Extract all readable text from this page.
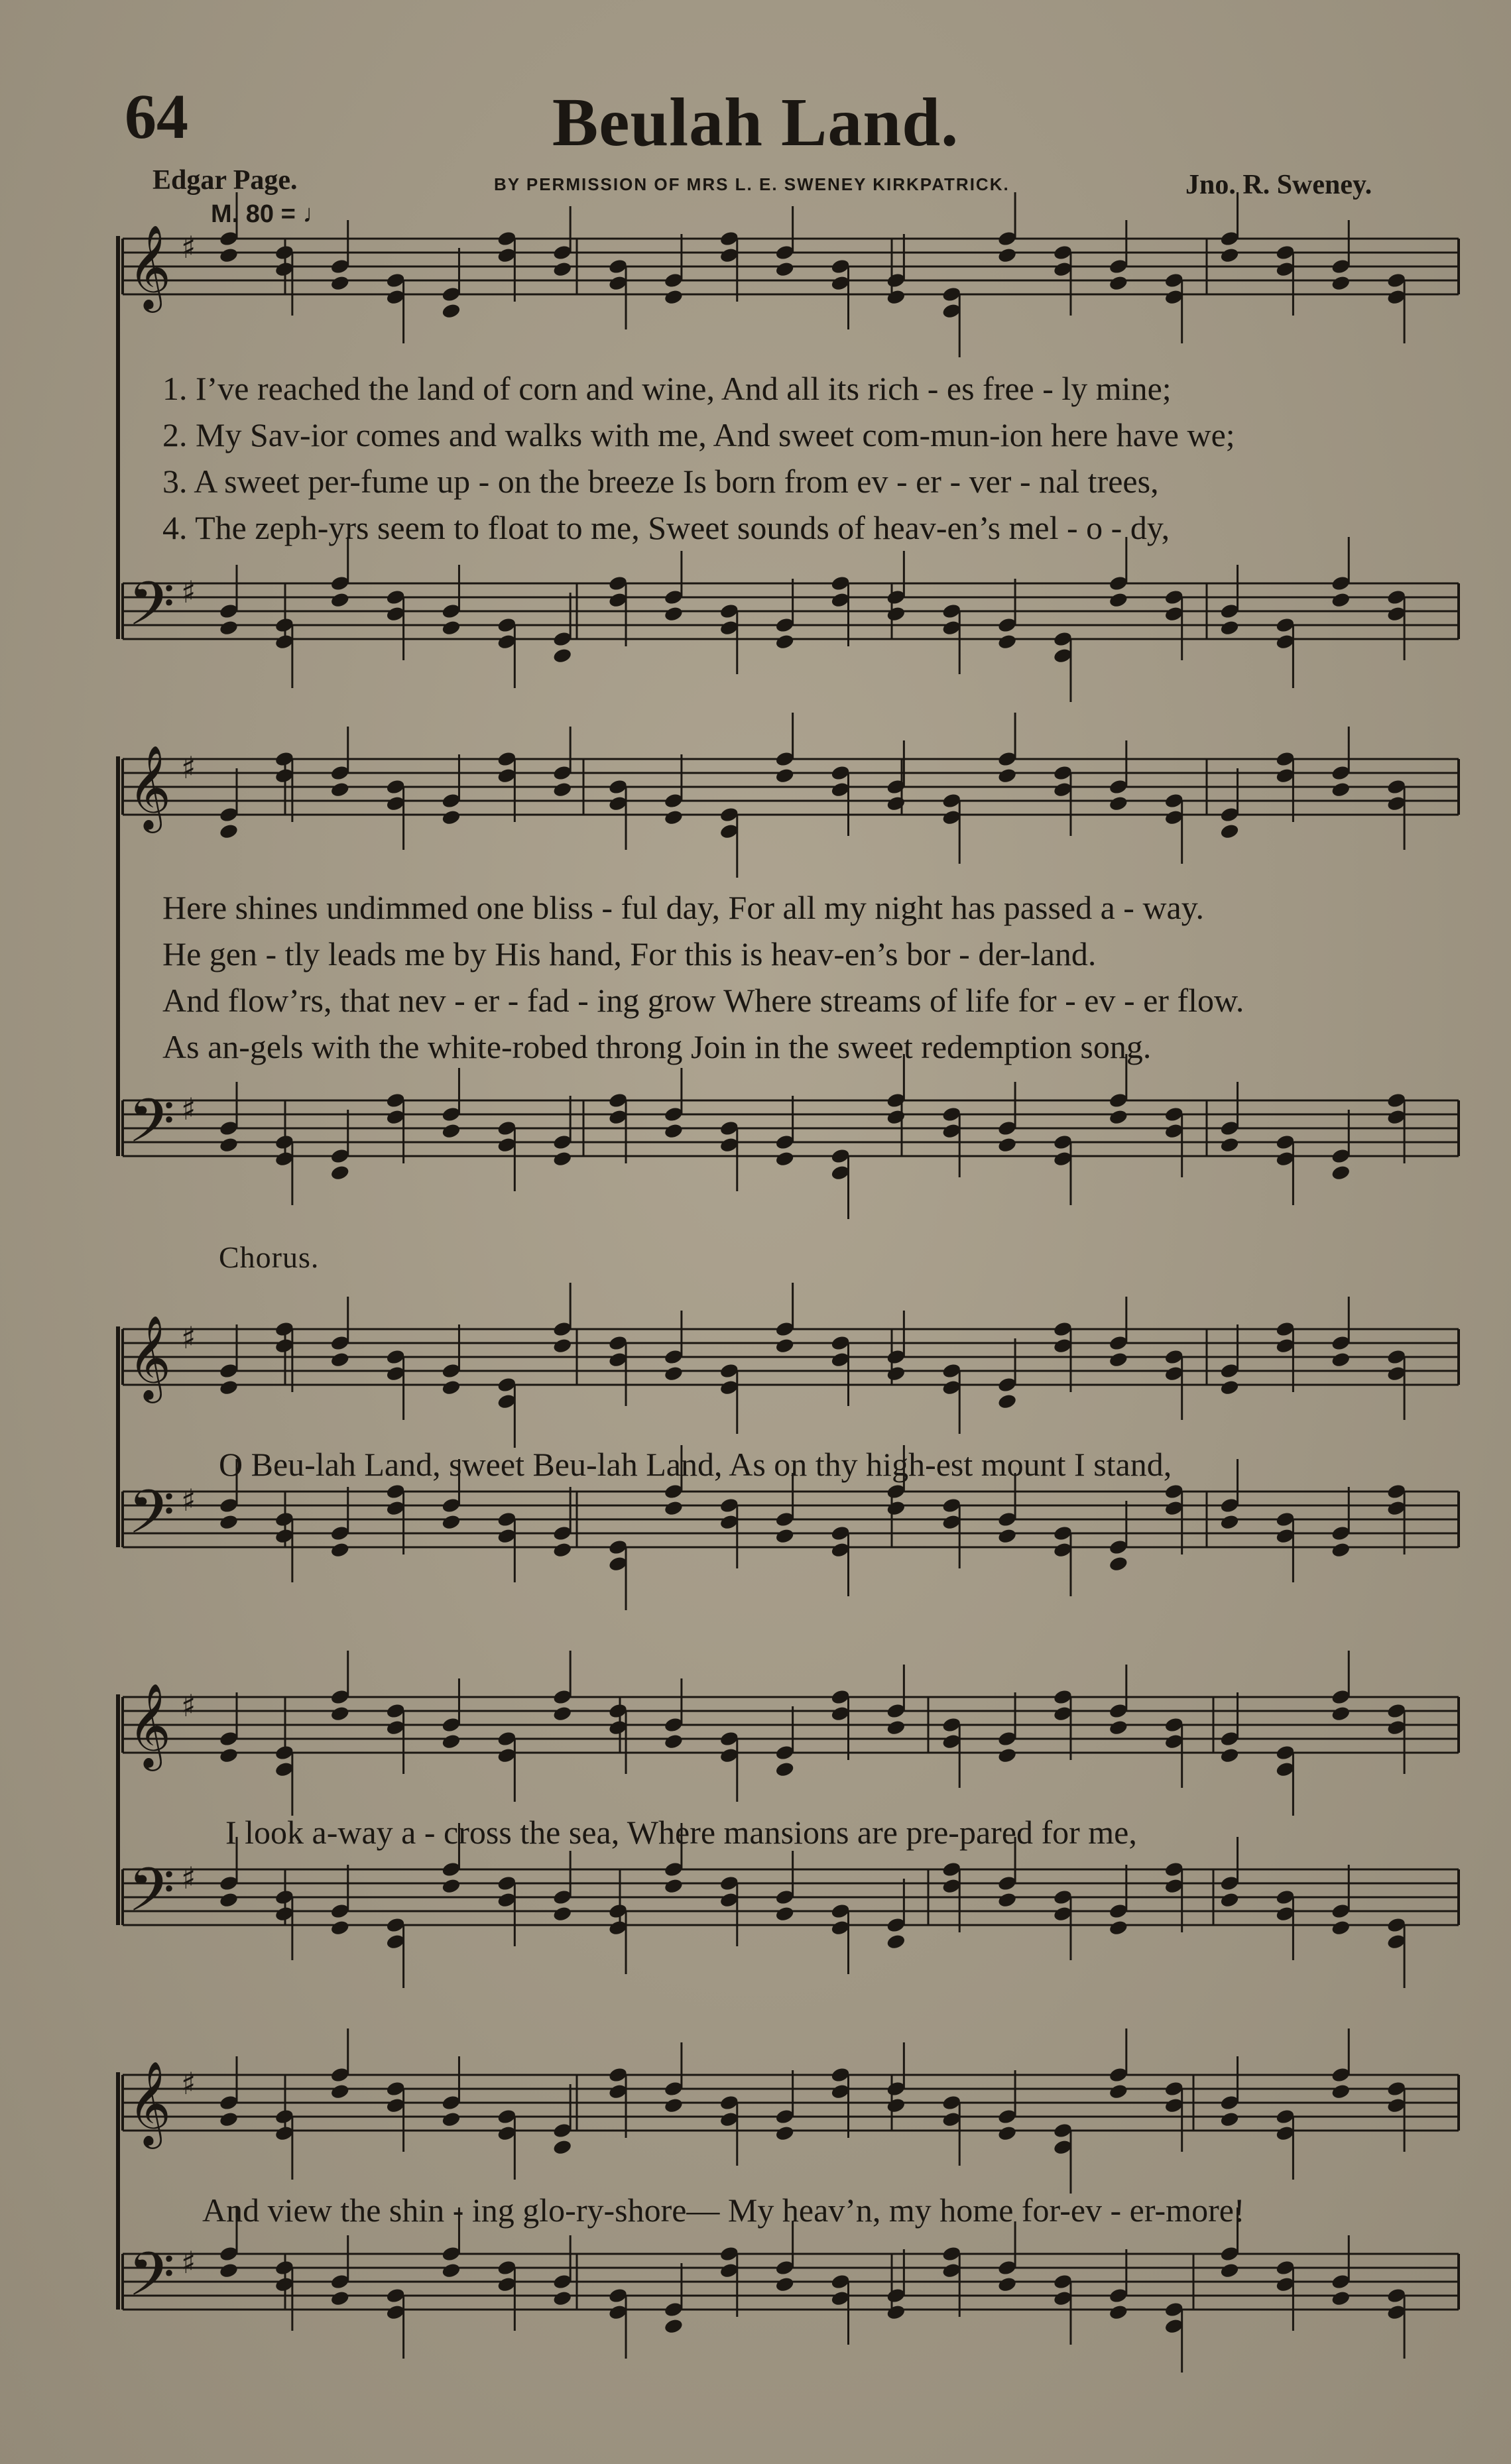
64	Beulah Land.
Edgar Page.	BY PERMISSION OF MRS L. E. SWENEY KIRKPATRICK.	Jno. R. Sweney.
M. 80 = ♩
Chorus.
𝄞 ♯
𝄢 ♯
𝄞 ♯
𝄢 ♯
𝄞 ♯
𝄢 ♯
𝄞 ♯
𝄢 ♯
𝄞 ♯
𝄢 ♯
1. I’ve reached the land of corn and wine, And all its rich - es free - ly mine;
2. My Sav-ior comes and walks with me, And sweet com-mun-ion here have we;
3. A sweet per-fume up - on the breeze Is born from ev - er - ver - nal trees,
4. The zeph-yrs seem to float to me, Sweet sounds of heav-en’s mel - o - dy,
Here shines undimmed one bliss - ful day, For all my night has passed a - way.
He gen - tly leads me by His hand, For this is heav-en’s bor - der-land.
And flow’rs, that nev - er - fad - ing grow Where streams of life for - ev - er flow.
As an-gels with the white-robed throng Join in the sweet redemption song.
O Beu-lah Land, sweet Beu-lah Land, As on thy high-est mount I stand,
I look a-way a - cross the sea, Where mansions are pre-pared for me,
And view the shin - ing glo-ry-shore— My heav’n, my home for-ev - er-more!
